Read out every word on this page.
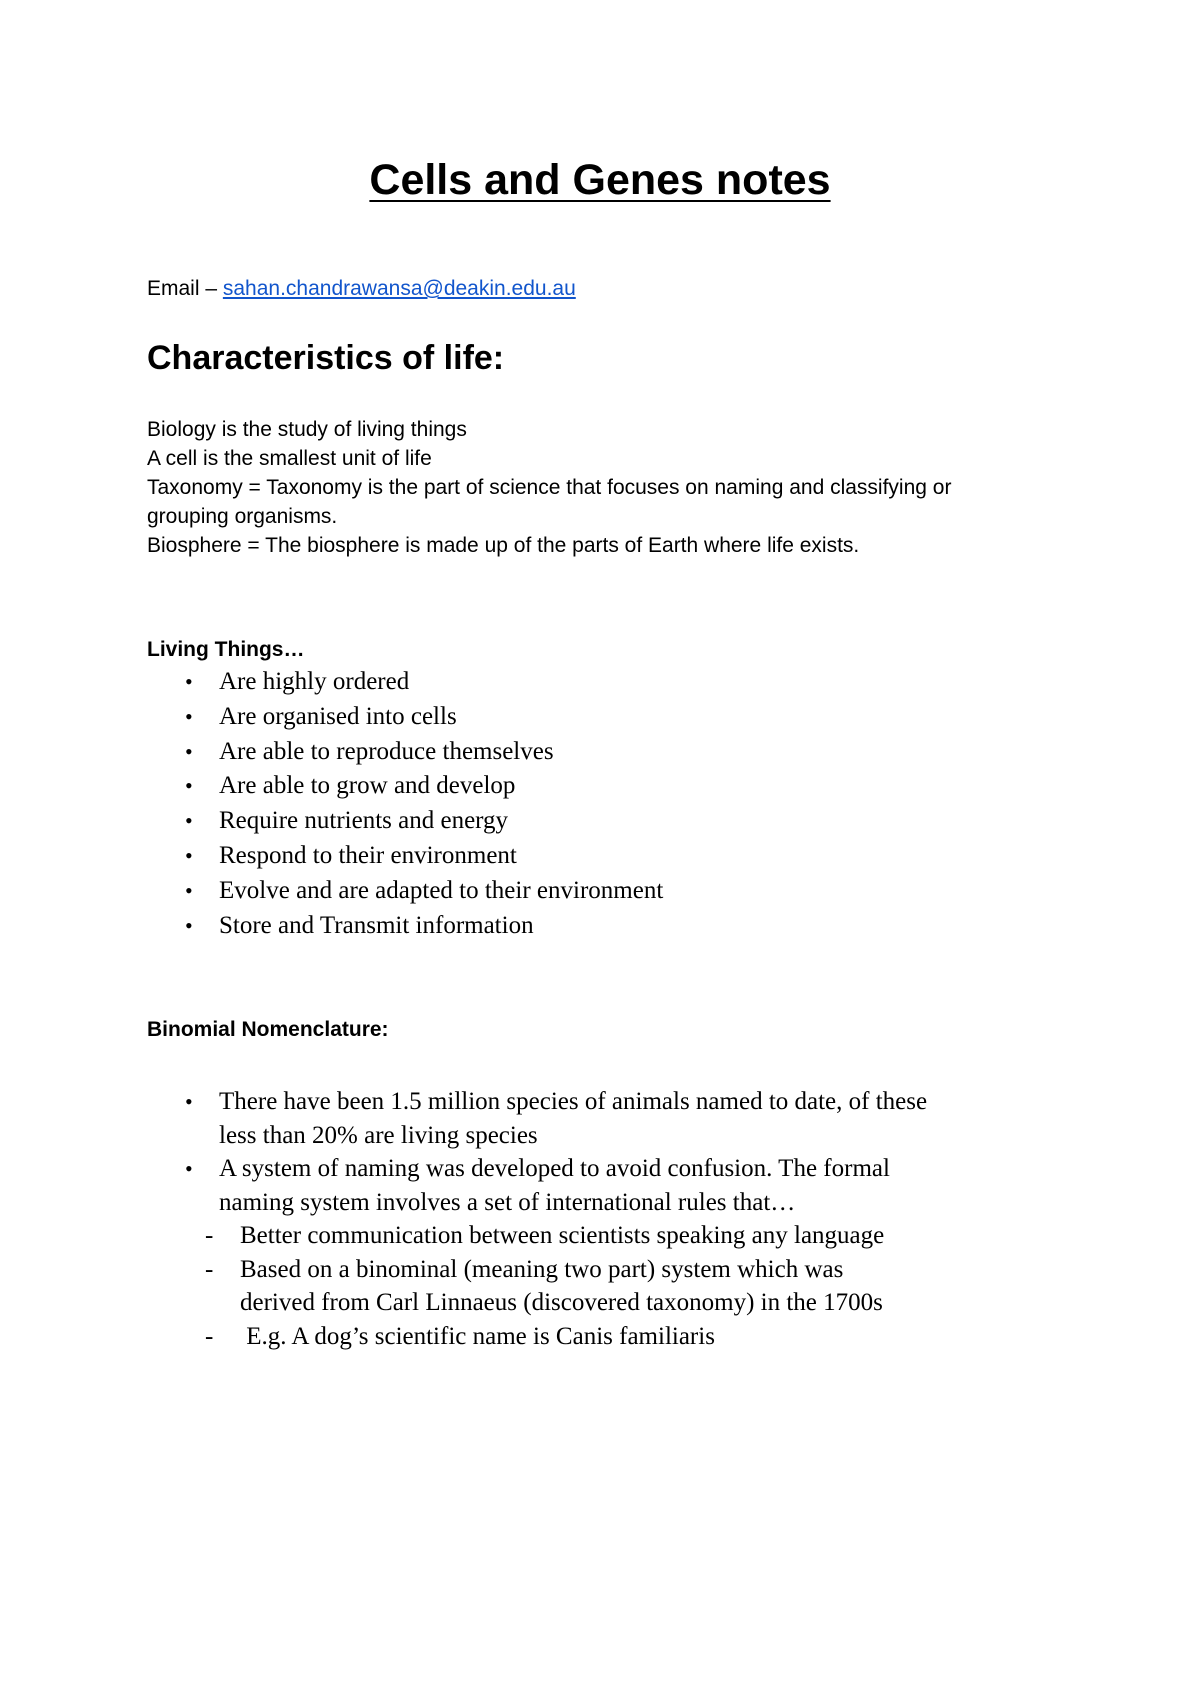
Cells and Genes notes
Email – sahan.chandrawansa@deakin.edu.au
Characteristics of life:
Biology is the study of living things
A cell is the smallest unit of life
Taxonomy = Taxonomy is the part of science that focuses on naming and classifying or
grouping organisms.
Biosphere = The biosphere is made up of the parts of Earth where life exists.
Living Things…
• Are highly ordered
• Are organised into cells
• Are able to reproduce themselves
• Are able to grow and develop
• Require nutrients and energy
• Respond to their environment
• Evolve and are adapted to their environment
• Store and Transmit information
Binomial Nomenclature:
• There have been 1.5 million species of animals named to date, of these
less than 20% are living species
• A system of naming was developed to avoid confusion. The formal
naming system involves a set of international rules that…
- Better communication between scientists speaking any language
- Based on a binominal (meaning two part) system which was
derived from Carl Linnaeus (discovered taxonomy) in the 1700s
- E.g. A dog’s scientific name is Canis familiaris
